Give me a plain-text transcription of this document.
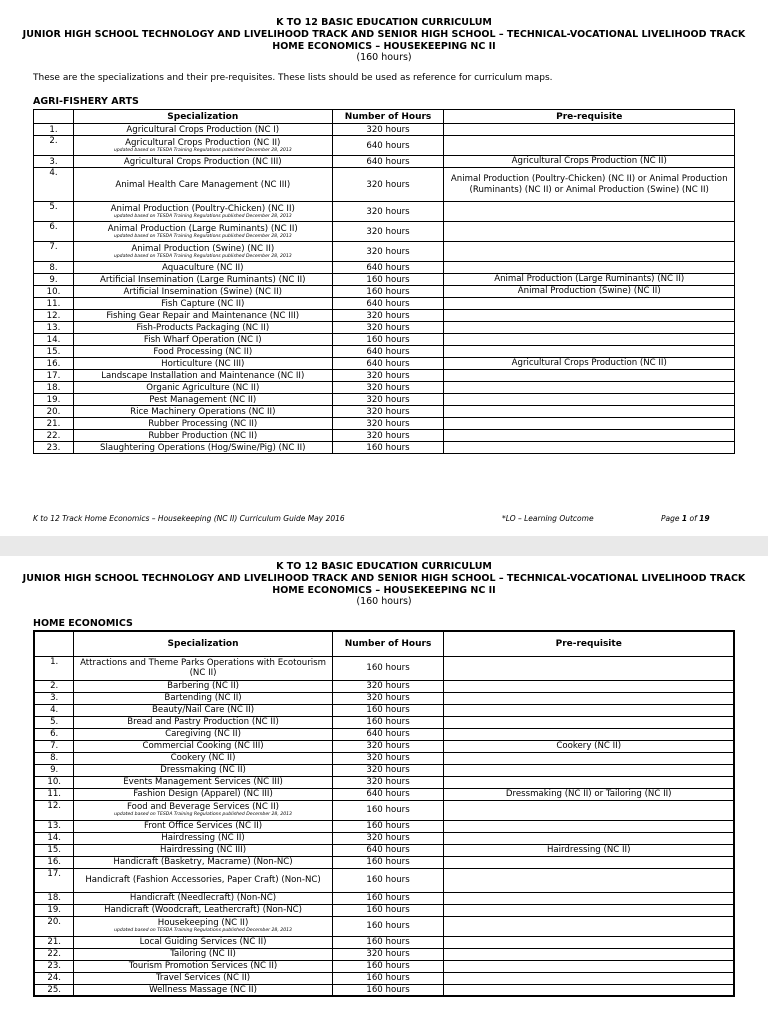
K TO 12 BASIC EDUCATION CURRICULUM

JUNIOR HIGH SCHOOL TECHNOLOGY AND LIVELIHOOD TRACK AND SENIOR HIGH SCHOOL – TECHNICAL-VOCATIONAL LIVELIHOOD TRACK

HOME ECONOMICS – HOUSEKEEPING NC II

(160 hours)

These are the specializations and their pre-requisites. These lists should be used as reference for curriculum maps.

AGRI-FISHERY ARTS

	Specialization	Number of Hours	Pre-requisite
1.	Agricultural Crops Production (NC I)	320 hours	
2.	Agricultural Crops Production (NC II)
updated based on TESDA Training Regulations published December 28, 2013	640 hours	
3.	Agricultural Crops Production (NC III)	640 hours	Agricultural Crops Production (NC II)
4.	Animal Health Care Management (NC III)	320 hours	Animal Production (Poultry-Chicken) (NC II) or Animal Production (Ruminants) (NC II) or Animal Production (Swine) (NC II)
5.	Animal Production (Poultry-Chicken) (NC II)
updated based on TESDA Training Regulations published December 28, 2013	320 hours	
6.	Animal Production (Large Ruminants) (NC II)
updated based on TESDA Training Regulations published December 28, 2013	320 hours	
7.	Animal Production (Swine) (NC II)
updated based on TESDA Training Regulations published December 28, 2013	320 hours	
8.	Aquaculture (NC II)	640 hours	
9.	Artificial Insemination (Large Ruminants) (NC II)	160 hours	Animal Production (Large Ruminants) (NC II)
10.	Artificial Insemination (Swine) (NC II)	160 hours	Animal Production (Swine) (NC II)
11.	Fish Capture (NC II)	640 hours	
12.	Fishing Gear Repair and Maintenance (NC III)	320 hours	
13.	Fish-Products Packaging (NC II)	320 hours	
14.	Fish Wharf Operation (NC I)	160 hours	
15.	Food Processing (NC II)	640 hours	
16.	Horticulture (NC III)	640 hours	Agricultural Crops Production (NC II)
17.	Landscape Installation and Maintenance (NC II)	320 hours	
18.	Organic Agriculture (NC II)	320 hours	
19.	Pest Management (NC II)	320 hours	
20.	Rice Machinery Operations (NC II)	320 hours	
21.	Rubber Processing (NC II)	320 hours	
22.	Rubber Production (NC II)	320 hours	
23.	Slaughtering Operations (Hog/Swine/Pig) (NC II)	160 hours	

K to 12 Track Home Economics – Housekeeping (NC II) Curriculum Guide May 2016	*LO – Learning Outcome	Page 1 of 19

K TO 12 BASIC EDUCATION CURRICULUM

JUNIOR HIGH SCHOOL TECHNOLOGY AND LIVELIHOOD TRACK AND SENIOR HIGH SCHOOL – TECHNICAL-VOCATIONAL LIVELIHOOD TRACK

HOME ECONOMICS – HOUSEKEEPING NC II

(160 hours)

HOME ECONOMICS

	Specialization	Number of Hours	Pre-requisite
1.	Attractions and Theme Parks Operations with Ecotourism (NC II)	160 hours	
2.	Barbering (NC II)	320 hours	
3.	Bartending (NC II)	320 hours	
4.	Beauty/Nail Care (NC II)	160 hours	
5.	Bread and Pastry Production (NC II)	160 hours	
6.	Caregiving (NC II)	640 hours	
7.	Commercial Cooking (NC III)	320 hours	Cookery (NC II)
8.	Cookery (NC II)	320 hours	
9.	Dressmaking (NC II)	320 hours	
10.	Events Management Services (NC III)	320 hours	
11.	Fashion Design (Apparel) (NC III)	640 hours	Dressmaking (NC II) or Tailoring (NC II)
12.	Food and Beverage Services (NC II)
updated based on TESDA Training Regulations published December 28, 2013	160 hours	
13.	Front Office Services (NC II)	160 hours	
14.	Hairdressing (NC II)	320 hours	
15.	Hairdressing (NC III)	640 hours	Hairdressing (NC II)
16.	Handicraft (Basketry, Macrame) (Non-NC)	160 hours	
17.	Handicraft (Fashion Accessories, Paper Craft) (Non-NC)	160 hours	
18.	Handicraft (Needlecraft) (Non-NC)	160 hours	
19.	Handicraft (Woodcraft, Leathercraft) (Non-NC)	160 hours	
20.	Housekeeping (NC II)
updated based on TESDA Training Regulations published December 28, 2013	160 hours	
21.	Local Guiding Services (NC II)	160 hours	
22.	Tailoring (NC II)	320 hours	
23.	Tourism Promotion Services (NC II)	160 hours	
24.	Travel Services (NC II)	160 hours	
25.	Wellness Massage (NC II)	160 hours	
